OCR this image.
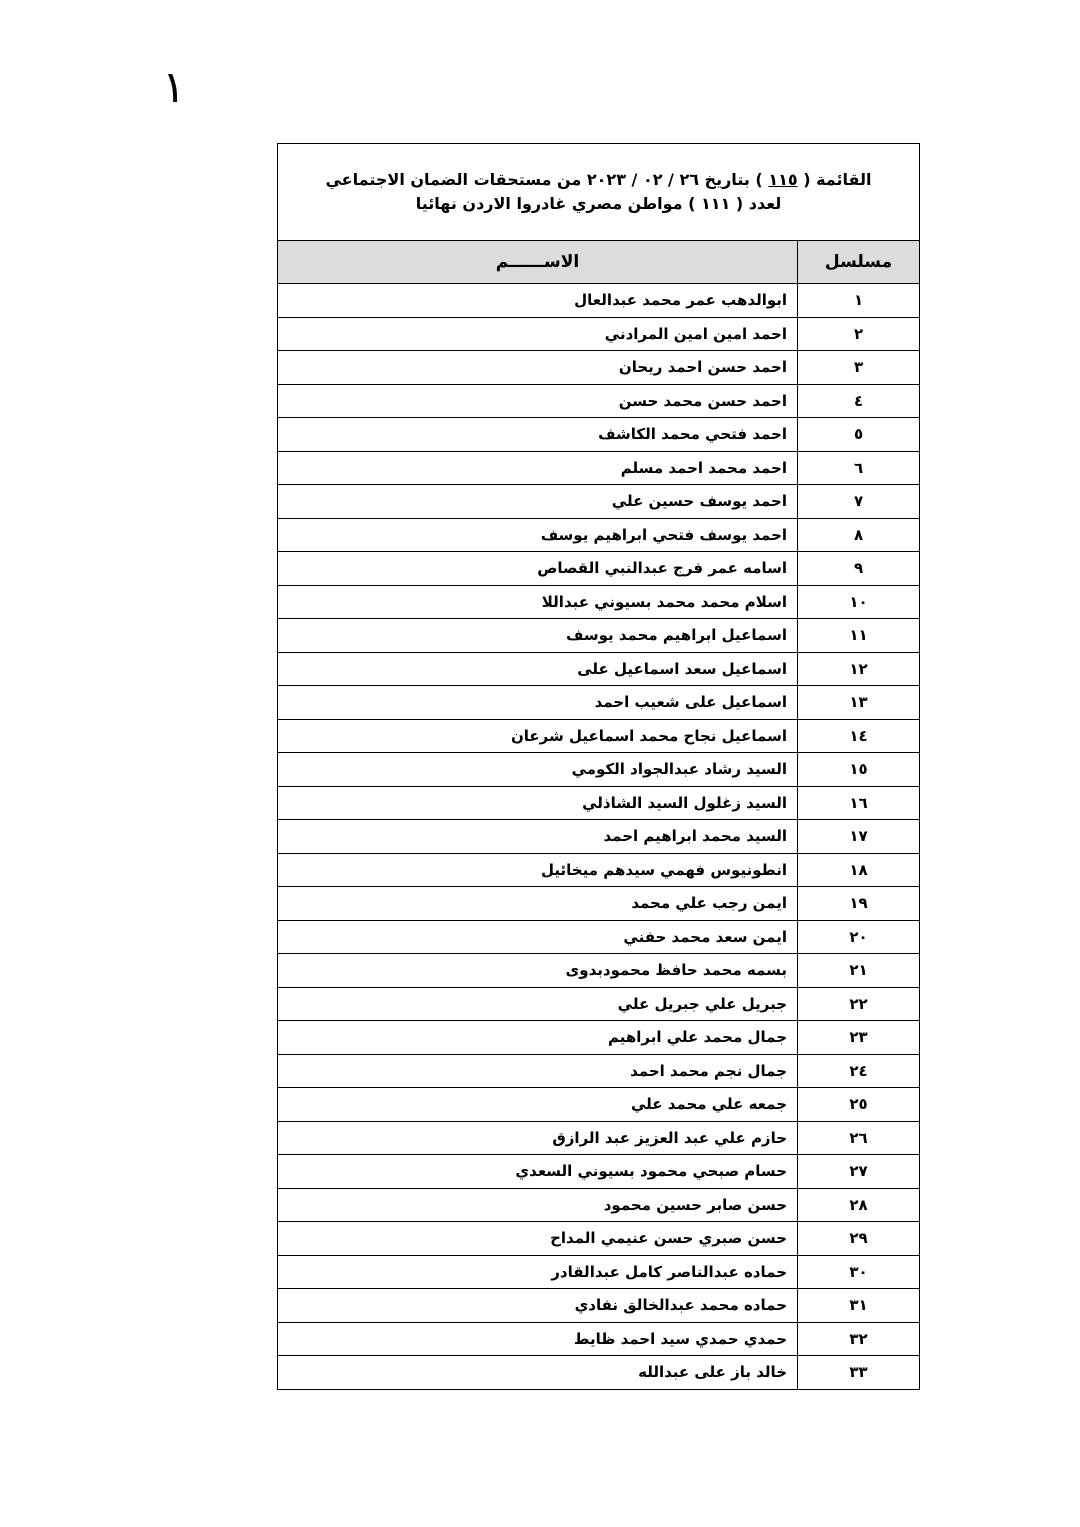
١
القائمة ( ١١٥ ) بتاريخ ٢٦ / ٠٢ / ٢٠٢٣ من مستحقات الضمان الاجتماعي
لعدد ( ١١١ ) مواطن مصري غادروا الاردن نهائيا	

مسلسل	الاســــــم
١	ابوالدهب عمر محمد عبدالعال
٢	احمد امين امين المرادني
٣	احمد حسن احمد ريحان
٤	احمد حسن محمد حسن
٥	احمد فتحي محمد الكاشف
٦	احمد محمد احمد مسلم
٧	احمد يوسف حسين علي
٨	احمد يوسف فتحي ابراهيم يوسف
٩	اسامه عمر فرج عبدالنبي القصاص
١٠	اسلام محمد محمد بسيوني عبداللا
١١	اسماعيل ابراهيم محمد يوسف
١٢	اسماعيل سعد اسماعيل على
١٣	اسماعيل على شعيب احمد
١٤	اسماعيل نجاح محمد اسماعيل شرعان
١٥	السيد رشاد عبدالجواد الكومي
١٦	السيد زغلول السيد الشاذلي
١٧	السيد محمد ابراهيم احمد
١٨	انطونيوس فهمي سيدهم ميخائيل
١٩	ايمن رجب علي محمد
٢٠	ايمن سعد محمد حفني
٢١	بسمه محمد حافظ محمودبدوى
٢٢	جبريل علي جبريل علي
٢٣	جمال محمد علي ابراهيم
٢٤	جمال نجم محمد احمد
٢٥	جمعه علي محمد علي
٢٦	حازم علي عبد العزيز عبد الرازق
٢٧	حسام صبحي محمود بسيوني السعدي
٢٨	حسن صابر حسين محمود
٢٩	حسن صبري حسن عنيمي المداح
٣٠	حماده عبدالناصر كامل عبدالقادر
٣١	حماده محمد عبدالخالق نفادي
٣٢	حمدي حمدي سيد احمد ظايط
٣٣	خالد باز على عبدالله
